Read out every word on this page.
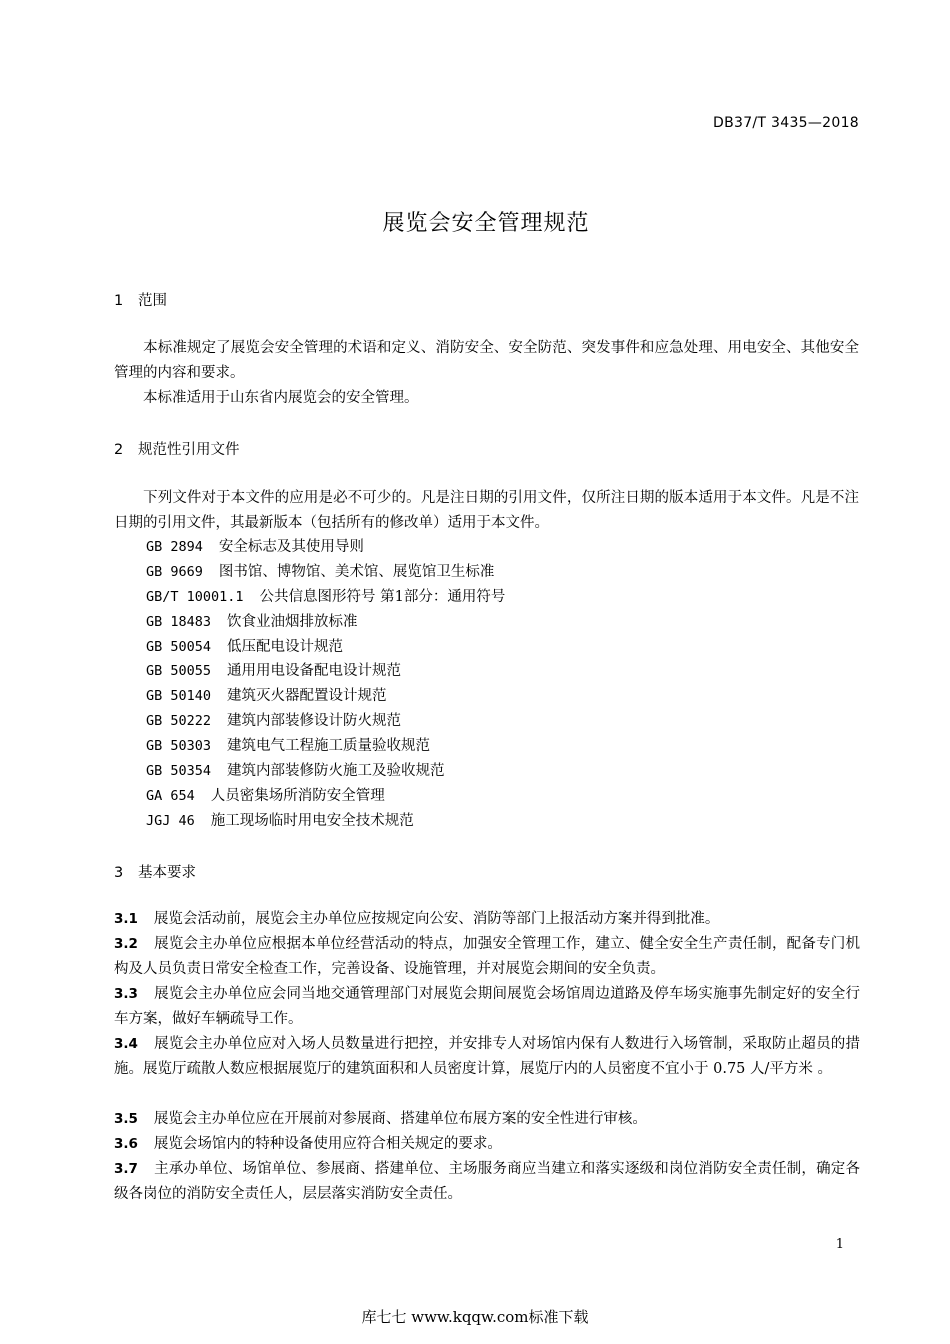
DB37/T 3435—2018
展览会安全管理规范
1 范围
本标准规定了展览会安全管理的术语和定义、消防安全、安全防范、突发事件和应急处理、用电安全、其他安全管理的内容和要求。
本标准适用于山东省内展览会的安全管理。
2 规范性引用文件
下列文件对于本文件的应用是必不可少的。凡是注日期的引用文件，仅所注日期的版本适用于本文件。凡是不注日期的引用文件，其最新版本（包括所有的修改单）适用于本文件。
GB 2894 安全标志及其使用导则
GB 9669 图书馆、博物馆、美术馆、展览馆卫生标准
GB/T 10001.1 公共信息图形符号 第1部分：通用符号
GB 18483 饮食业油烟排放标准
GB 50054 低压配电设计规范
GB 50055 通用用电设备配电设计规范
GB 50140 建筑灭火器配置设计规范
GB 50222 建筑内部装修设计防火规范
GB 50303 建筑电气工程施工质量验收规范
GB 50354 建筑内部装修防火施工及验收规范
GA 654 人员密集场所消防安全管理
JGJ 46 施工现场临时用电安全技术规范
3 基本要求
3.1 展览会活动前，展览会主办单位应按规定向公安、消防等部门上报活动方案并得到批准。
3.2 展览会主办单位应根据本单位经营活动的特点，加强安全管理工作，建立、健全安全生产责任制，配备专门机构及人员负责日常安全检查工作，完善设备、设施管理，并对展览会期间的安全负责。
3.3 展览会主办单位应会同当地交通管理部门对展览会期间展览会场馆周边道路及停车场实施事先制定好的安全行车方案，做好车辆疏导工作。
3.4 展览会主办单位应对入场人员数量进行把控，并安排专人对场馆内保有人数进行入场管制，采取防止超员的措施。展览厅疏散人数应根据展览厅的建筑面积和人员密度计算，展览厅内的人员密度不宜小于 0.75 人/平方米 。
3.5 展览会主办单位应在开展前对参展商、搭建单位布展方案的安全性进行审核。
3.6 展览会场馆内的特种设备使用应符合相关规定的要求。
3.7 主承办单位、场馆单位、参展商、搭建单位、主场服务商应当建立和落实逐级和岗位消防安全责任制，确定各级各岗位的消防安全责任人，层层落实消防安全责任。
1
库七七 www.kqqw.com标准下载
